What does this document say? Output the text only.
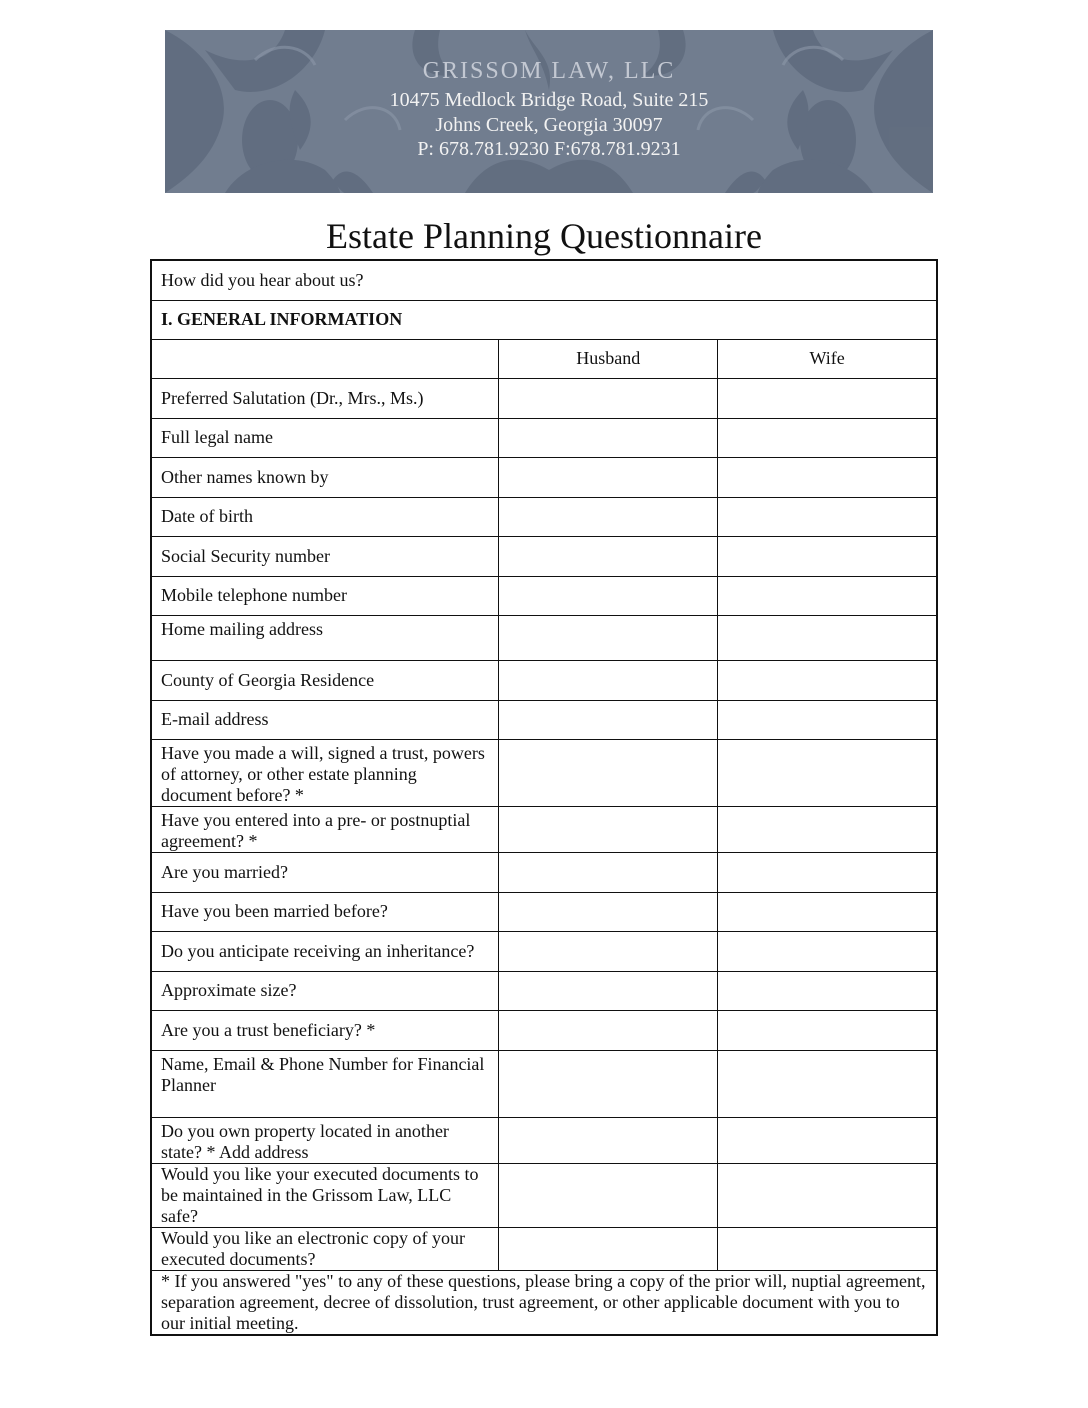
GRISSOM LAW, LLC
10475 Medlock Bridge Road, Suite 215
Johns Creek, Georgia 30097
P: 678.781.9230 F:678.781.9231
Estate Planning Questionnaire
How did you hear about us?		
I. GENERAL INFORMATION		
	Husband	Wife
Preferred Salutation (Dr., Mrs., Ms.)		
Full legal name		
Other names known by		
Date of birth		
Social Security number		
Mobile telephone number		
Home mailing address		
County of Georgia Residence		
E-mail address		
Have you made a will, signed a trust, powers of attorney, or other estate planning document before? *		
Have you entered into a pre- or postnuptial agreement? *		
Are you married?		
Have you been married before?		
Do you anticipate receiving an inheritance?		
Approximate size?		
Are you a trust beneficiary? *		
Name, Email & Phone Number for Financial Planner		
Do you own property located in another state? * Add address		
Would you like your executed documents to be maintained in the Grissom Law, LLC safe?		
Would you like an electronic copy of your executed documents?		
* If you answered "yes" to any of these questions, please bring a copy of the prior will, nuptial agreement, separation agreement, decree of dissolution, trust agreement, or other applicable document with you to our initial meeting.		
